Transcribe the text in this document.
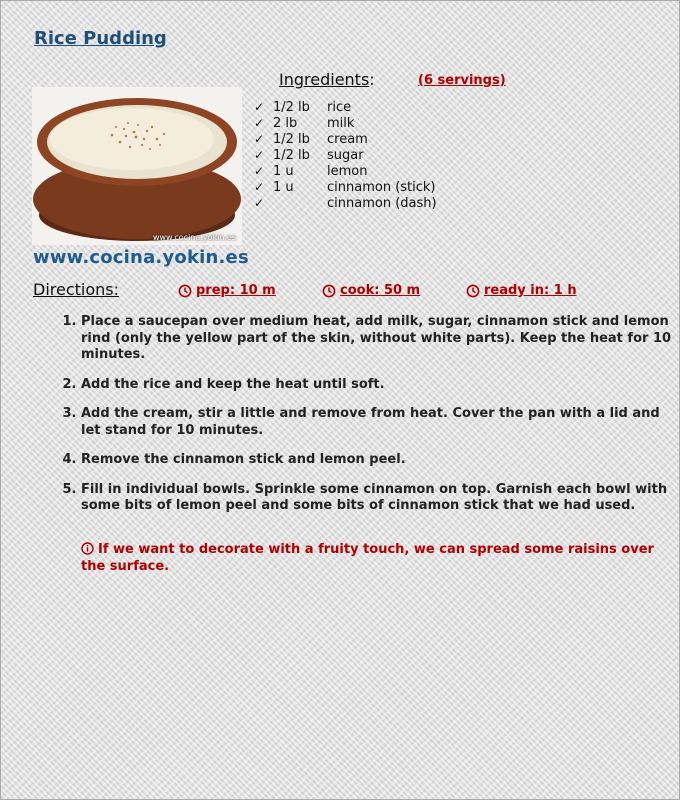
Rice Pudding
www.cocina.yokin.es
www.cocina.yokin.es
Ingredients:	(6 servings)
✓ 1/2 lb rice
✓ 2 lb milk
✓ 1/2 lb cream
✓ 1/2 lb sugar
✓ 1 u	lemon
✓ 1 u	cinnamon (stick)
✓	cinnamon (dash)
Directions:	prep: 10 m	cook: 50 m	ready in: 1 h
1. Place a saucepan over medium heat, add milk, sugar, cinnamon stick and lemon rind (only the yellow part of the skin, without white parts). Keep the heat for 10 minutes.
2. Add the rice and keep the heat until soft.
3. Add the cream, stir a little and remove from heat. Cover the pan with a lid and let stand for 10 minutes.
4. Remove the cinnamon stick and lemon peel.
5. Fill in individual bowls. Sprinkle some cinnamon on top. Garnish each bowl with some bits of lemon peel and some bits of cinnamon stick that we had used.
If we want to decorate with a fruity touch, we can spread some raisins over the surface.
